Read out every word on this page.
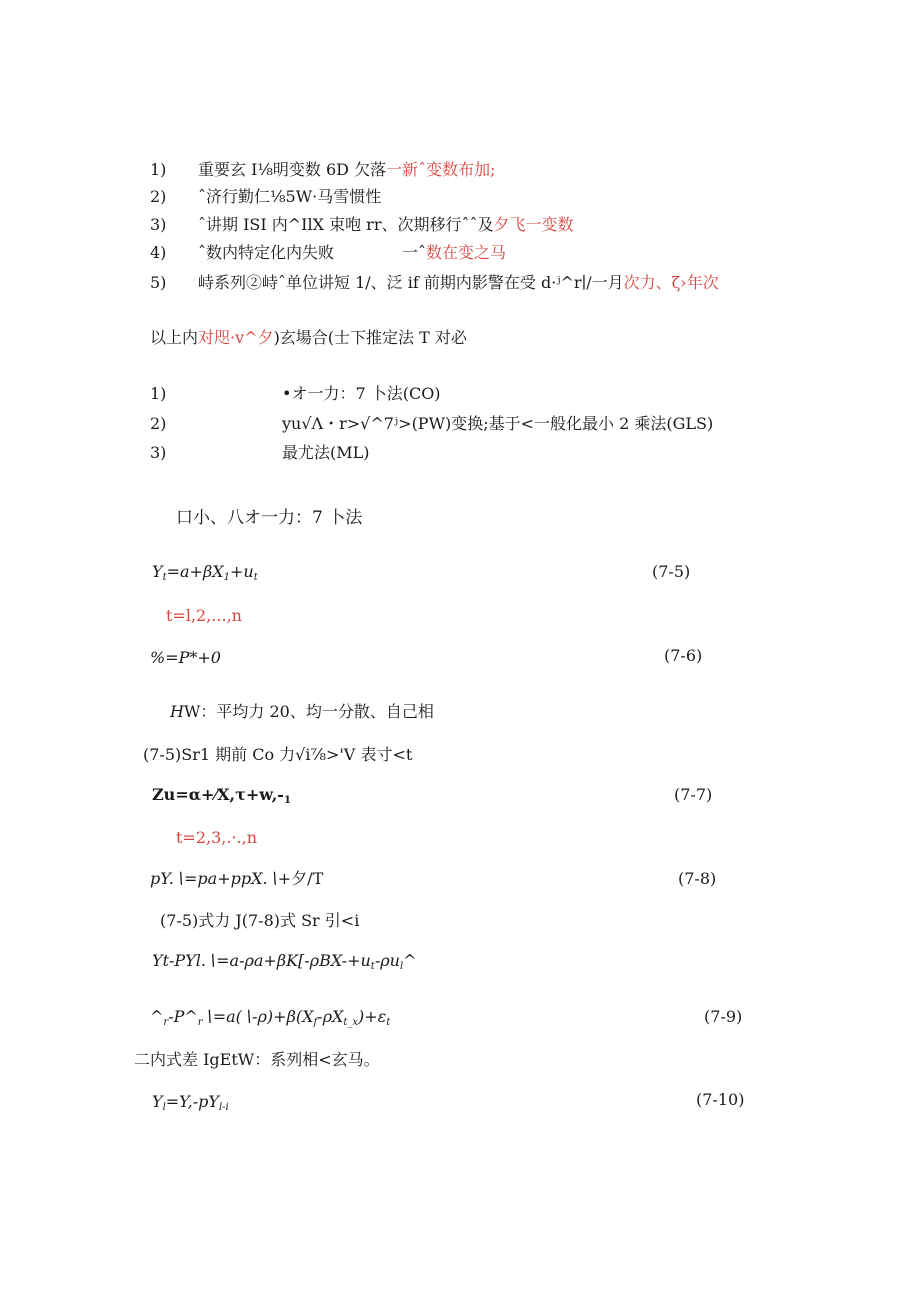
1) 重要玄 I⅛明变数 6D 欠落一新ˆ变数布加;
2) ˆ济行勤仁⅛5W·马雪惯性
3) ˆ讲期 ISI 内^IlX 束咆 rr、次期移行ˆˆ及夕飞一变数
4) ˆ数内特定化内失败	一ˆ数在变之马
5) 峙系列②峙ˆ单位讲短 1/、泛 if 前期内影警在受 d·ʲ^r∣∕一月次力、ζ›年次
以上内对咫·v^夕)玄場合(士下推定法 T 对必
1)	•オ一力：7 卜法(CO)
2)	yu√Λ・r>√^7ʲ>(PW)变换;基于<一般化最小 2 乘法(GLS)
3)	最尤法(ML)
口小、八オ一力：7 卜法
$Y_t=a+\beta X_1+u_t$	(7-5)
t=l,2,...,n
%=P*+0	(7-6)
HW：平均力 20、均一分散、自己相
(7-5)Sr1 期前 Co 力√i⅞>'V 表寸<t
$Zu=\alpha+⁄X,\tau+w,-_1$	(7-7)
t=2,3,.·.,n
pY.∖=pa+ppX.∖+夕/T	(7-8)
(7-5)式力 J(7-8)式 Sr 引<i
$Yt-PYl.∖=a-\rho a+\beta K[-\rho BX-+u_t-\rho u_l\^{}$
$\^{}_r-P\^{}_r∖=a(∖-\rho)+\beta(X_f-\rho X_{t\_x})+\varepsilon_t$	(7-9)
二内式差 IgEtW：系列相<玄马。
$Y_l=Y,-pY_{l-i}$	(7-10)
